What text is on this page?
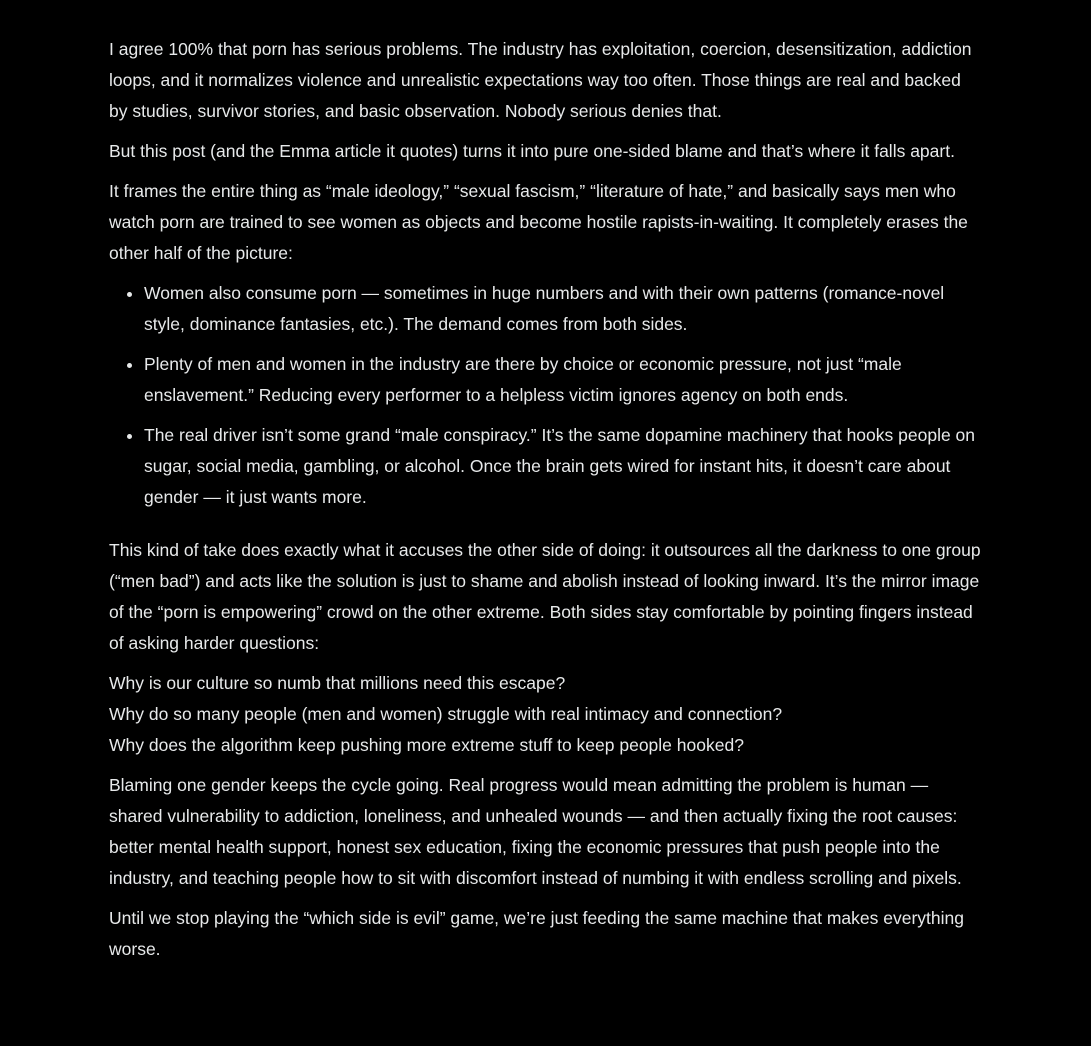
I agree 100% that porn has serious problems. The industry has exploitation, coercion, desensitization, addiction loops, and it normalizes violence and unrealistic expectations way too often. Those things are real and backed by studies, survivor stories, and basic observation. Nobody serious denies that.

But this post (and the Emma article it quotes) turns it into pure one-sided blame and that’s where it falls apart.

It frames the entire thing as “male ideology,” “sexual fascism,” “literature of hate,” and basically says men who watch porn are trained to see women as objects and become hostile rapists-in-waiting. It completely erases the other half of the picture:

• Women also consume porn — sometimes in huge numbers and with their own patterns (romance-novel style, dominance fantasies, etc.). The demand comes from both sides.
• Plenty of men and women in the industry are there by choice or economic pressure, not just “male enslavement.” Reducing every performer to a helpless victim ignores agency on both ends.
• The real driver isn’t some grand “male conspiracy.” It’s the same dopamine machinery that hooks people on sugar, social media, gambling, or alcohol. Once the brain gets wired for instant hits, it doesn’t care about gender — it just wants more.

This kind of take does exactly what it accuses the other side of doing: it outsources all the darkness to one group (“men bad”) and acts like the solution is just to shame and abolish instead of looking inward. It’s the mirror image of the “porn is empowering” crowd on the other extreme. Both sides stay comfortable by pointing fingers instead of asking harder questions:

Why is our culture so numb that millions need this escape?
Why do so many people (men and women) struggle with real intimacy and connection?
Why does the algorithm keep pushing more extreme stuff to keep people hooked?

Blaming one gender keeps the cycle going. Real progress would mean admitting the problem is human — shared vulnerability to addiction, loneliness, and unhealed wounds — and then actually fixing the root causes: better mental health support, honest sex education, fixing the economic pressures that push people into the industry, and teaching people how to sit with discomfort instead of numbing it with endless scrolling and pixels.

Until we stop playing the “which side is evil” game, we’re just feeding the same machine that makes everything worse.
